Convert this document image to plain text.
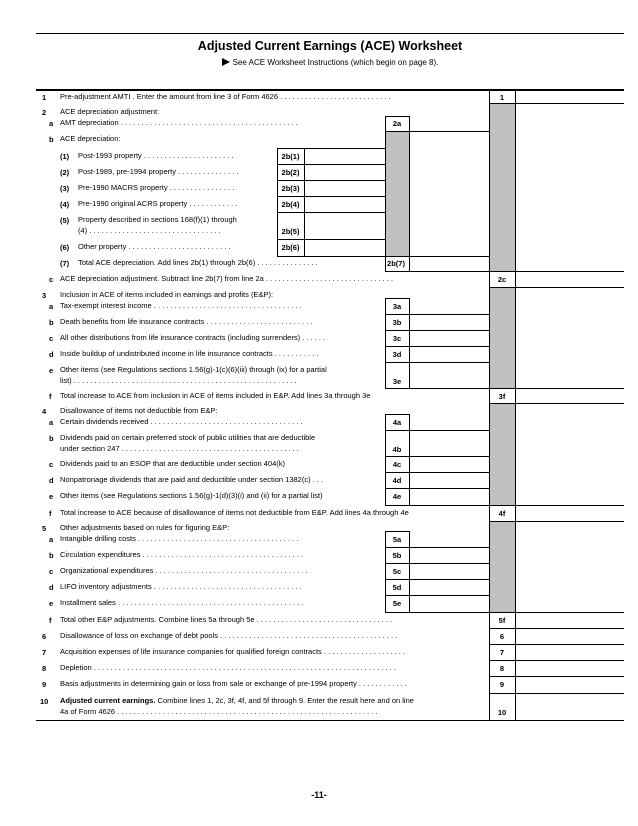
Adjusted Current Earnings (ACE) Worksheet
See ACE Worksheet Instructions (which begin on page 8).
1 Pre-adjustment AMTI . Enter the amount from line 3 of Form 4626 . . . . . . . . . . . . . . . . . . . . . . . . . . .	1
2 ACE depreciation adjustment:
a AMT depreciation . . . . . . . . . . . . . . . . . . . . . . . . . . . . . . . . . . . . . . . . . . .	2a
b ACE depreciation:
(1) Post-1993 property . . . . . . . . . . . . . . . . . . . . . .	2b(1)
(2) Post-1989, pre-1994 property . . . . . . . . . . . . . . .	2b(2)
(3) Pre-1990 MACRS property . . . . . . . . . . . . . . . .	2b(3)
(4) Pre-1990 original ACRS property . . . . . . . . . . . .	2b(4)
(5) Property described in sections 168(f)(1) through
(4) . . . . . . . . . . . . . . . . . . . . . . . . . . . . . . . .	2b(5)
(6) Other property . . . . . . . . . . . . . . . . . . . . . . . . .	2b(6)
(7) Total ACE depreciation. Add lines 2b(1) through 2b(6) . . . . . . . . . . . . . . .	2b(7)
c ACE depreciation adjustment. Subtract line 2b(7) from line 2a . . . . . . . . . . . . . . . . . . . . . . . . . . . . . . .	2c
3 Inclusion in ACE of items included in earnings and profits (E&P):
a Tax-exempt interest income . . . . . . . . . . . . . . . . . . . . . . . . . . . . . . . . . . . .	3a
b Death benefits from life insurance contracts . . . . . . . . . . . . . . . . . . . . . . . . . .	3b
c All other distributions from life insurance contracts (including surrenders) . . . . . .	3c
d Inside buildup of undistributed income in life insurance contracts . . . . . . . . . . .	3d
e Other items (see Regulations sections 1.56(g)-1(c)(6)(iii) through (ix) for a partial
list) . . . . . . . . . . . . . . . . . . . . . . . . . . . . . . . . . . . . . . . . . . . . . . . . . . . . . .	3e
f Total increase to ACE from inclusion in ACE of items included in E&P. Add lines 3a through 3e	3f
4 Disallowance of items not deductible from E&P:
a Certain dividends received . . . . . . . . . . . . . . . . . . . . . . . . . . . . . . . . . . . . .	4a
b Dividends paid on certain preferred stock of public utilities that are deductible
under section 247 . . . . . . . . . . . . . . . . . . . . . . . . . . . . . . . . . . . . . . . . . . .	4b
c Dividends paid to an ESOP that are deductible under section 404(k)	4c
d Nonpatronage dividends that are paid and deductible under section 1382(c) . . .	4d
e Other items (see Regulations sections 1.56(g)-1(d)(3)(i) and (ii) for a partial list)	4e
f Total increase to ACE because of disallowance of items not deductible from E&P. Add lines 4a through 4e	4f
5 Other adjustments based on rules for figuring E&P:
a Intangible drilling costs . . . . . . . . . . . . . . . . . . . . . . . . . . . . . . . . . . . . . . .	5a
b Circulation expenditures . . . . . . . . . . . . . . . . . . . . . . . . . . . . . . . . . . . . . . .	5b
c Organizational expenditures . . . . . . . . . . . . . . . . . . . . . . . . . . . . . . . . . . . . .	5c
d LIFO inventory adjustments . . . . . . . . . . . . . . . . . . . . . . . . . . . . . . . . . . . .	5d
e Installment sales . . . . . . . . . . . . . . . . . . . . . . . . . . . . . . . . . . . . . . . . . . . . .	5e
f Total other E&P adjustments. Combine lines 5a through 5e . . . . . . . . . . . . . . . . . . . . . . . . . . . . . . . . .	5f
6 Disallowance of loss on exchange of debt pools . . . . . . . . . . . . . . . . . . . . . . . . . . . . . . . . . . . . . . . . . . .	6
7 Acquisition expenses of life insurance companies for qualified foreign contracts . . . . . . . . . . . . . . . . . . . .	7
8 Depletion . . . . . . . . . . . . . . . . . . . . . . . . . . . . . . . . . . . . . . . . . . . . . . . . . . . . . . . . . . . . . . . . . . . . . . . . .	8
9 Basis adjustments in determining gain or loss from sale or exchange of pre-1994 property . . . . . . . . . . . .	9
10 Adjusted current earnings. Combine lines 1, 2c, 3f, 4f, and 5f through 9. Enter the result here and on line
4a of Form 4626 . . . . . . . . . . . . . . . . . . . . . . . . . . . . . . . . . . . . . . . . . . . . . . . . . . . . . . . . . . . . . . .	10
-11-
